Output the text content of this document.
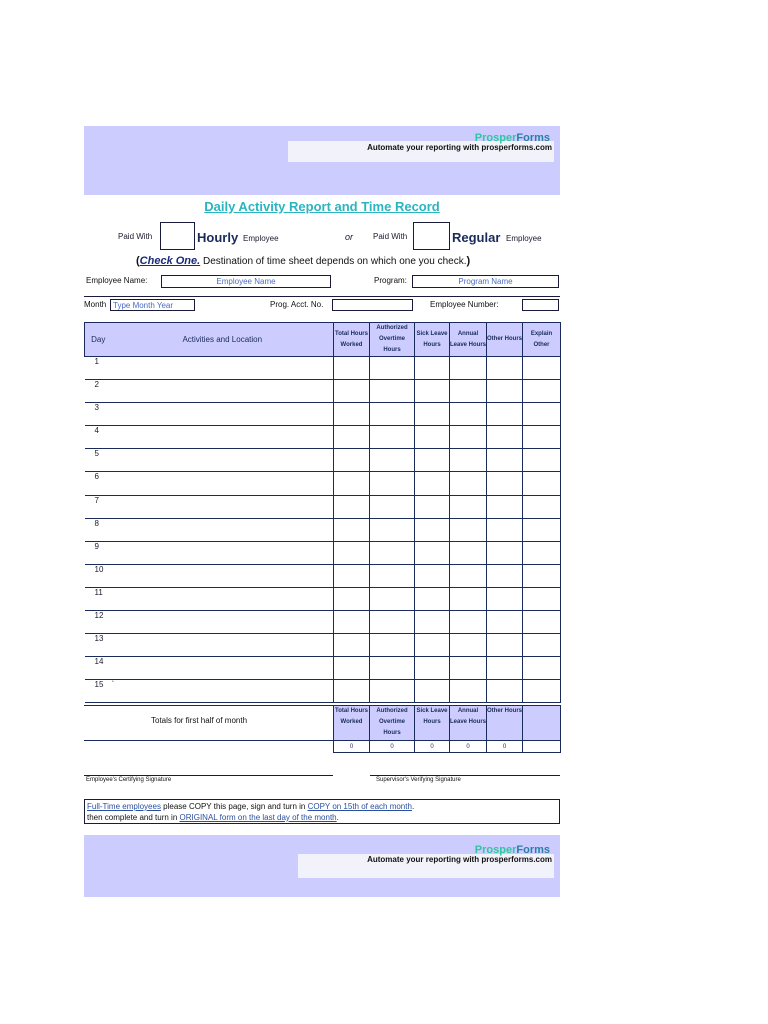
ProsperForms
Automate your reporting with prosperforms.com
Daily Activity Report and Time Record
Paid With	Hourly Employee	or Paid With	Regular Employee
(Check One. Destination of time sheet depends on which one you check.)
Employee Name:	Employee Name	Program:	Program Name
Month Type Month Year	Prog. Acct. No.	Employee Number:
Day	Activities and Location	Total Hours Worked	Authorized Overtime Hours	Sick Leave Hours	Annual Leave Hours	Other Hours	Explain Other
1							
2							
3							
4							
5							
6							
7							
8							
9							
10							
11							
12							
13							
14							
15	`						
Totals for first half of month
Total Hours Worked	Authorized Overtime Hours	Sick Leave Hours	Annual Leave Hours	Other Hours	
0	0	0	0	0	
Employee's Certifying Signature	Supervisor's Verifying Signature
Full-Time employees please COPY this page, sign and turn in COPY on 15th of each month.
then complete and turn in ORIGINAL form on the last day of the month.
ProsperForms
Automate your reporting with prosperforms.com
